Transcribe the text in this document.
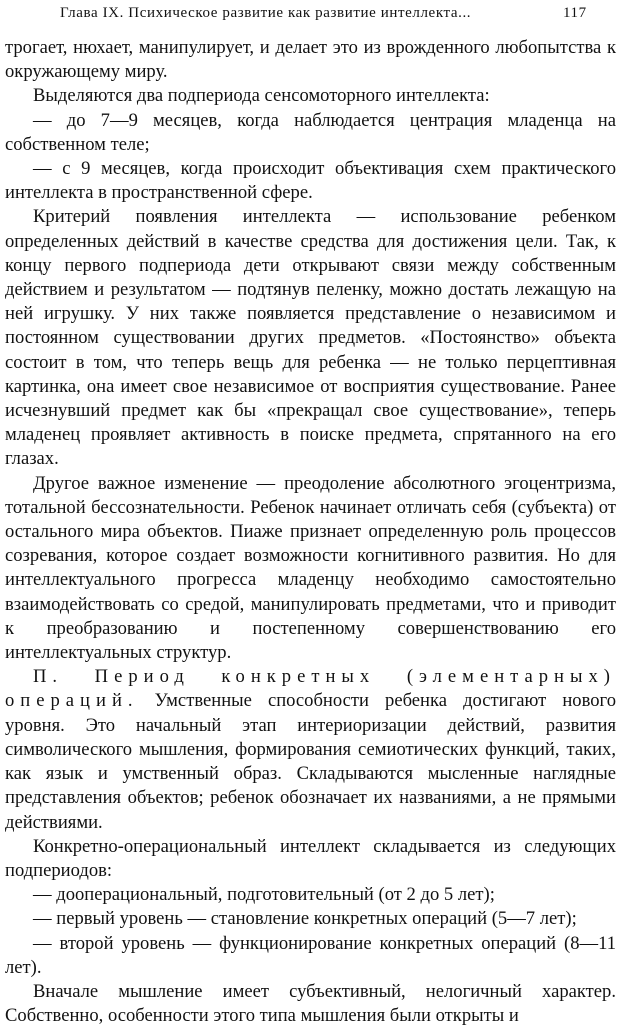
Глава IX. Психическое развитие как развитие интеллекта...	117

трогает, нюхает, манипулирует, и делает это из врожденного любопытства к окружающему миру.

Выделяются два подпериода сенсомоторного интеллекта:

— до 7—9 месяцев, когда наблюдается центрация младенца на собственном теле;

— с 9 месяцев, когда происходит объективация схем практического интеллекта в пространственной сфере.

Критерий появления интеллекта — использование ребенком определенных действий в качестве средства для достижения цели. Так, к концу первого подпериода дети открывают связи между собственным действием и результатом — подтянув пеленку, можно достать лежащую на ней игрушку. У них также появляется представление о независимом и постоянном существовании других предметов. «Постоянство» объекта состоит в том, что теперь вещь для ребенка — не только перцептивная картинка, она имеет свое независимое от восприятия существование. Ранее исчезнувший предмет как бы «прекращал свое существование», теперь младенец проявляет активность в поиске предмета, спрятанного на его глазах.

Другое важное изменение — преодоление абсолютного эгоцентризма, тотальной бессознательности. Ребенок начинает отличать себя (субъекта) от остального мира объектов. Пиаже признает определенную роль процессов созревания, которое создает возможности когнитивного развития. Но для интеллектуального прогресса младенцу необходимо самостоятельно взаимодействовать со средой, манипулировать предметами, что и приводит к преобразованию и постепенному совершенствованию его интеллектуальных структур.

П. Период конкретных (элементарных) операций. Умственные способности ребенка достигают нового уровня. Это начальный этап интериоризации действий, развития символического мышления, формирования семиотических функций, таких, как язык и умственный образ. Складываются мысленные наглядные представления объектов; ребенок обозначает их названиями, а не прямыми действиями.

Конкретно-операциональный интеллект складывается из следующих подпериодов:

— дооперациональный, подготовительный (от 2 до 5 лет);

— первый уровень — становление конкретных операций (5—7 лет);

— второй уровень — функционирование конкретных операций (8—11 лет).

Вначале мышление имеет субъективный, нелогичный характер. Собственно, особенности этого типа мышления были открыты и
